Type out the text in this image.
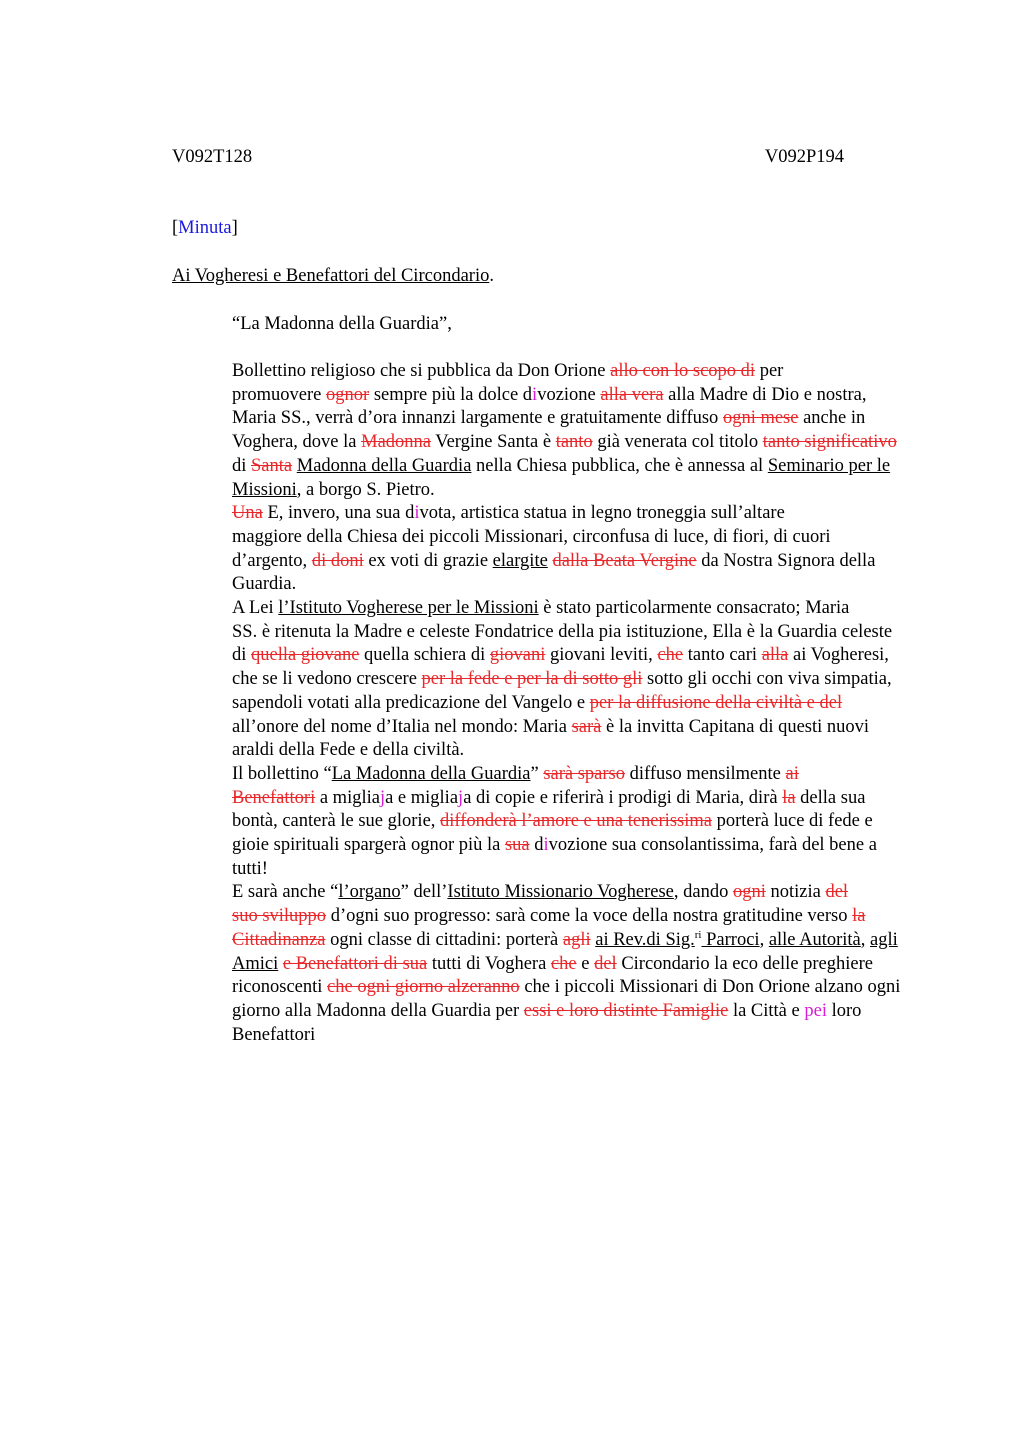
V092T128	V092P194
[Minuta]
Ai Vogheresi e Benefattori del Circondario.
“La Madonna della Guardia”,

Bollettino religioso che si pubblica da Don Orione allo con lo scopo di per
promuovere ognor sempre più la dolce divozione alla vera alla Madre di Dio e nostra,
Maria SS., verrà d’ora innanzi largamente e gratuitamente diffuso ogni mese anche in
Voghera, dove la Madonna Vergine Santa è tanto già venerata col titolo tanto significativo
di Santa Madonna della Guardia nella Chiesa pubblica, che è annessa al Seminario per le
Missioni, a borgo S. Pietro.

Una E, invero, una sua divota, artistica statua in legno troneggia sull’altare
maggiore della Chiesa dei piccoli Missionari, circonfusa di luce, di fiori, di cuori
d’argento, di doni ex voti di grazie elargite dalla Beata Vergine da Nostra Signora della
Guardia.

A Lei l’Istituto Vogherese per le Missioni è stato particolarmente consacrato; Maria
SS. è ritenuta la Madre e celeste Fondatrice della pia istituzione, Ella è la Guardia celeste
di quella giovane quella schiera di giovani giovani leviti, che tanto cari alla ai Vogheresi,
che se li vedono crescere per la fede e per la di sotto gli sotto gli occhi con viva simpatia,
sapendoli votati alla predicazione del Vangelo e per la diffusione della civiltà e del
all’onore del nome d’Italia nel mondo: Maria sarà è la invitta Capitana di questi nuovi
araldi della Fede e della civiltà.

Il bollettino “La Madonna della Guardia” sarà sparso diffuso mensilmente ai
Benefattori a migliaja e migliaja di copie e riferirà i prodigi di Maria, dirà la della sua
bontà, canterà le sue glorie, diffonderà l’amore e una tenerissima porterà luce di fede e
gioie spirituali spargerà ognor più la sua divozione sua consolantissima, farà del bene a
tutti!

E sarà anche “l’organo” dell’Istituto Missionario Vogherese, dando ogni notizia del
suo sviluppo d’ogni suo progresso: sarà come la voce della nostra gratitudine verso la
Cittadinanza ogni classe di cittadini: porterà agli ai Rev.di Sig.$^{ri}$ Parroci, alle Autorità, agli
Amici e Benefattori di sua tutti di Voghera che e del Circondario la eco delle preghiere
riconoscenti che ogni giorno alzeranno che i piccoli Missionari di Don Orione alzano ogni
giorno alla Madonna della Guardia per essi e loro distinte Famiglie la Città e pei loro
Benefattori
